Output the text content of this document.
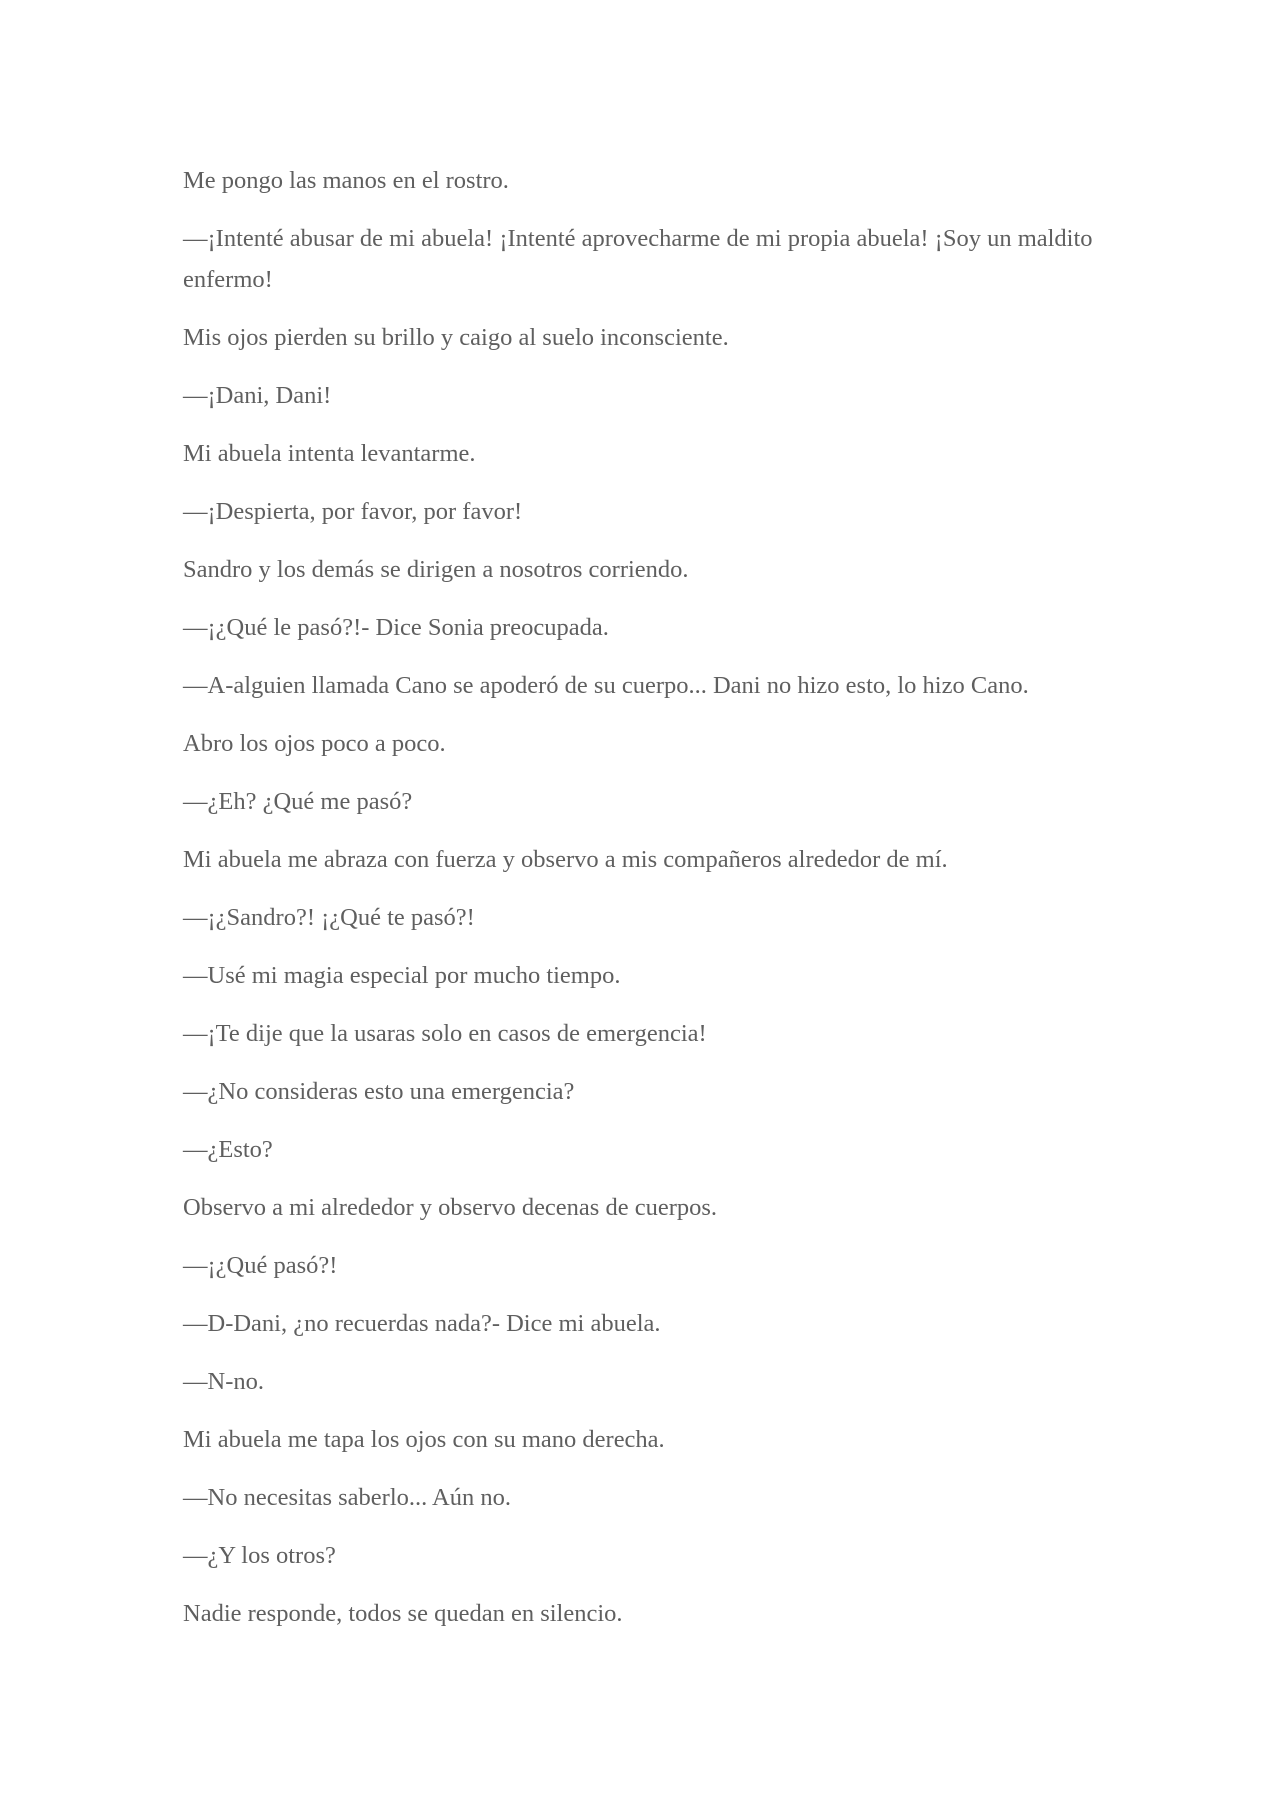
Me pongo las manos en el rostro.

—¡Intenté abusar de mi abuela! ¡Intenté aprovecharme de mi propia abuela! ¡Soy un maldito enfermo!

Mis ojos pierden su brillo y caigo al suelo inconsciente.

—¡Dani, Dani!

Mi abuela intenta levantarme.

—¡Despierta, por favor, por favor!

Sandro y los demás se dirigen a nosotros corriendo.

—¡¿Qué le pasó?!- Dice Sonia preocupada.

—A-alguien llamada Cano se apoderó de su cuerpo... Dani no hizo esto, lo hizo Cano.

Abro los ojos poco a poco.

—¿Eh? ¿Qué me pasó?

Mi abuela me abraza con fuerza y observo a mis compañeros alrededor de mí.

—¡¿Sandro?! ¡¿Qué te pasó?!

—Usé mi magia especial por mucho tiempo.

—¡Te dije que la usaras solo en casos de emergencia!

—¿No consideras esto una emergencia?

—¿Esto?

Observo a mi alrededor y observo decenas de cuerpos.

—¡¿Qué pasó?!

—D-Dani, ¿no recuerdas nada?- Dice mi abuela.

—N-no.

Mi abuela me tapa los ojos con su mano derecha.

—No necesitas saberlo... Aún no.

—¿Y los otros?

Nadie responde, todos se quedan en silencio.
